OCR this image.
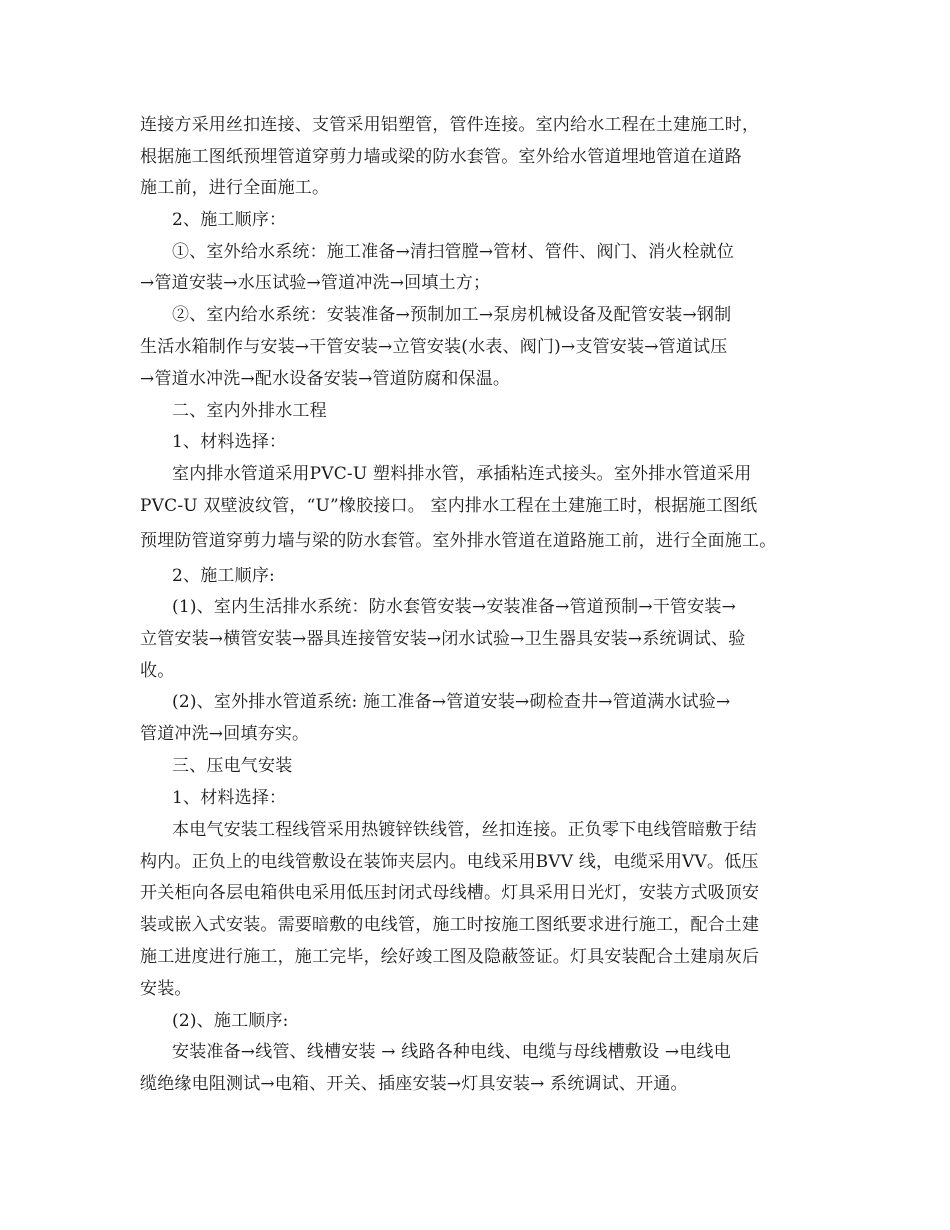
连接方采用丝扣连接、支管采用铝塑管，管件连接。室内给水工程在土建施工时，
根据施工图纸预埋管道穿剪力墙或梁的防水套管。室外给水管道埋地管道在道路
施工前，进行全面施工。
2、施工顺序：
①、室外给水系统：施工准备→清扫管膛→管材、管件、阀门、消火栓就位
→管道安装→水压试验→管道冲洗→回填土方；
②、室内给水系统：安装准备→预制加工→泵房机械设备及配管安装→钢制
生活水箱制作与安装→干管安装→立管安装(水表、阀门)→支管安装→管道试压
→管道水冲洗→配水设备安装→管道防腐和保温。
二、室内外排水工程
1、材料选择：
室内排水管道采用PVC-U 塑料排水管，承插粘连式接头。室外排水管道采用
PVC-U 双壁波纹管，“U”橡胶接口。 室内排水工程在土建施工时，根据施工图纸
预埋防管道穿剪力墙与梁的防水套管。室外排水管道在道路施工前，进行全面施工。
2、施工顺序:
(1)、室内生活排水系统：防水套管安装→安装准备→管道预制→干管安装→
立管安装→横管安装→器具连接管安装→闭水试验→卫生器具安装→系统调试、验
收。
(2)、室外排水管道系统: 施工准备→管道安装→砌检查井→管道满水试验→
管道冲洗→回填夯实。
三、压电气安装
1、材料选择：
本电气安装工程线管采用热镀锌铁线管，丝扣连接。正负零下电线管暗敷于结
构内。正负上的电线管敷设在装饰夹层内。电线采用BVV 线，电缆采用VV。低压
开关柜向各层电箱供电采用低压封闭式母线槽。灯具采用日光灯，安装方式吸顶安
装或嵌入式安装。需要暗敷的电线管，施工时按施工图纸要求进行施工，配合土建
施工进度进行施工，施工完毕，绘好竣工图及隐蔽签证。灯具安装配合土建扇灰后
安装。
(2)、施工顺序:
安装准备→线管、线槽安装 → 线路各种电线、电缆与母线槽敷设 →电线电
缆绝缘电阻测试→电箱、开关、插座安装→灯具安装→ 系统调试、开通。
